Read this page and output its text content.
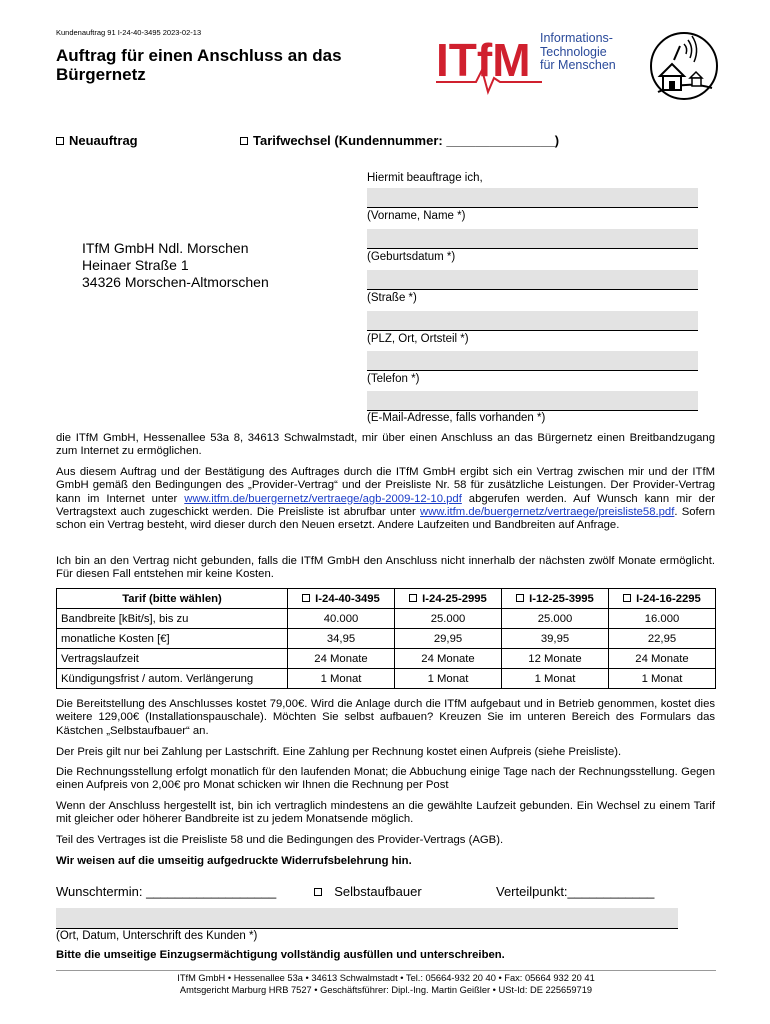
Kundenauftrag 91 I-24-40-3495 2023-02-13
Auftrag für einen Anschluss an das Bürgernetz	ITfM Informations-
Technologie
für Menschen
Neuauftrag	Tarifwechsel (Kundennummer: _______________)
Hiermit beauftrage ich,
(Vorname, Name *)
(Geburtsdatum *)
(Straße *)
(PLZ, Ort, Ortsteil *)
(Telefon *)
(E-Mail-Adresse, falls vorhanden *)
ITfM GmbH Ndl. Morschen
Heinaer Straße 1
34326 Morschen-Altmorschen
die ITfM GmbH, Hessenallee 53a 8, 34613 Schwalmstadt, mir über einen Anschluss an das Bürgernetz einen Breitbandzugang zum Internet zu ermöglichen.
Aus diesem Auftrag und der Bestätigung des Auftrages durch die ITfM GmbH ergibt sich ein Vertrag zwischen mir und der ITfM GmbH gemäß den Bedingungen des „Provider-Vertrag“ und der Preisliste Nr. 58 für zusätzliche Leistungen. Der Provider-Vertrag kann im Internet unter www.itfm.de/buergernetz/vertraege/agb-2009-12-10.pdf abgerufen werden. Auf Wunsch kann mir der Vertragstext auch zugeschickt werden. Die Preisliste ist abrufbar unter www.itfm.de/buergernetz/vertraege/preisliste58.pdf. Sofern schon ein Vertrag besteht, wird dieser durch den Neuen ersetzt. Andere Laufzeiten und Bandbreiten auf Anfrage.
Ich bin an den Vertrag nicht gebunden, falls die ITfM GmbH den Anschluss nicht innerhalb der nächsten zwölf Monate ermöglicht. Für diesen Fall entstehen mir keine Kosten.
Tarif (bitte wählen)	I-24-40-3495	I-24-25-2995	I-12-25-3995	I-24-16-2295
Bandbreite [kBit/s], bis zu	40.000	25.000	25.000	16.000
monatliche Kosten [€]	34,95	29,95	39,95	22,95
Vertragslaufzeit	24 Monate	24 Monate	12 Monate	24 Monate
Kündigungsfrist / autom. Verlängerung	1 Monat	1 Monat	1 Monat	1 Monat
Die Bereitstellung des Anschlusses kostet 79,00€. Wird die Anlage durch die ITfM aufgebaut und in Betrieb genommen, kostet dies weitere 129,00€ (Installationspauschale). Möchten Sie selbst aufbauen? Kreuzen Sie im unteren Bereich des Formulars das Kästchen „Selbstaufbauer“ an.
Der Preis gilt nur bei Zahlung per Lastschrift. Eine Zahlung per Rechnung kostet einen Aufpreis (siehe Preisliste).
Die Rechnungsstellung erfolgt monatlich für den laufenden Monat; die Abbuchung einige Tage nach der Rechnungsstellung. Gegen einen Aufpreis von 2,00€ pro Monat schicken wir Ihnen die Rechnung per Post
Wenn der Anschluss hergestellt ist, bin ich vertraglich mindestens an die gewählte Laufzeit gebunden. Ein Wechsel zu einem Tarif mit gleicher oder höherer Bandbreite ist zu jedem Monatsende möglich.
Teil des Vertrages ist die Preisliste 58 und die Bedingungen des Provider-Vertrags (AGB).
Wir weisen auf die umseitig aufgedruckte Widerrufsbelehrung hin.
Wunschtermin: __________________	Selbstaufbauer	Verteilpunkt:____________
(Ort, Datum, Unterschrift des Kunden *)
Bitte die umseitige Einzugsermächtigung vollständig ausfüllen und unterschreiben.
ITfM GmbH • Hessenallee 53a • 34613 Schwalmstadt • Tel.: 05664-932 20 40 • Fax: 05664 932 20 41
Amtsgericht Marburg HRB 7527 • Geschäftsführer: Dipl.-Ing. Martin Geißler • USt-Id: DE 225659719
